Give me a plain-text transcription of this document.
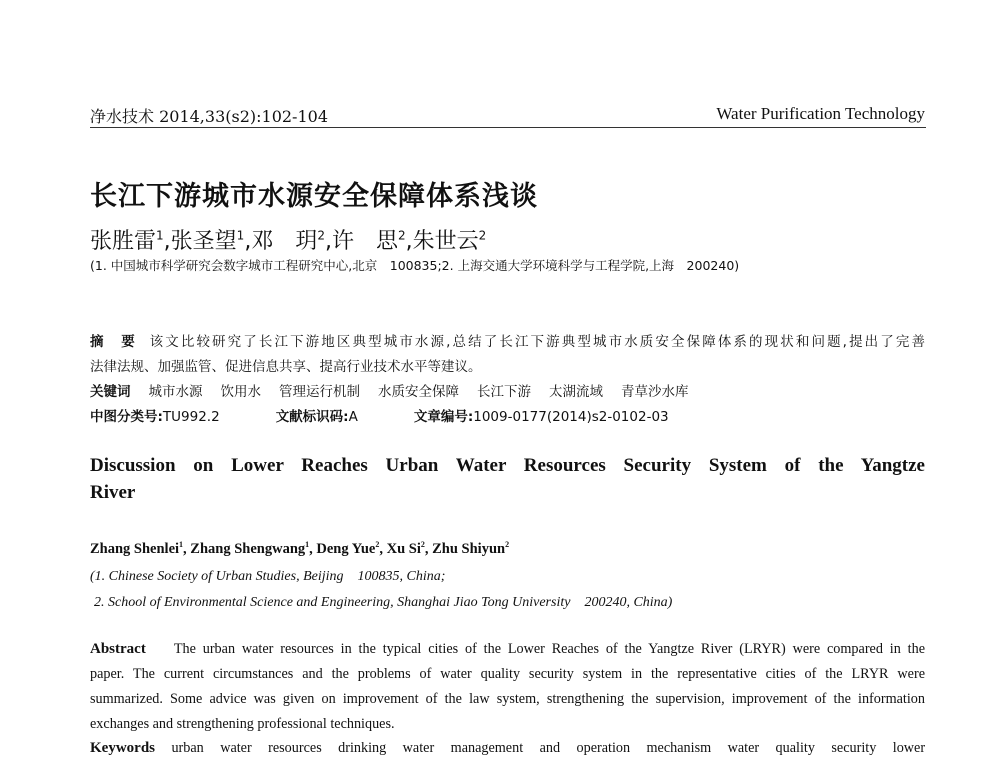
净水技术 2014,33(s2):102-104	Water Purification Technology
长江下游城市水源安全保障体系浅谈
张胜雷$^1$,张圣望$^1$,邓　玥$^2$,许　思$^2$,朱世云$^2$
(1. 中国城市科学研究会数字城市工程研究中心,北京　100835;2. 上海交通大学环境科学与工程学院,上海　200240)
摘　要 该文比较研究了长江下游地区典型城市水源,总结了长江下游典型城市水质安全保障体系的现状和问题,提出了完善
法律法规、加强监管、促进信息共享、提高行业技术水平等建议。
关键词 城市水源 饮用水 管理运行机制 水质安全保障 长江下游 太湖流域 青草沙水库
中图分类号:TU992.2	文献标识码:A	文章编号:1009-0177(2014)s2-0102-03
Discussion on Lower Reaches Urban Water Resources Security System of the Yangtze
River
Zhang Shenlei$^1$, Zhang Shengwang$^1$, Deng Yue$^2$, Xu Si$^2$, Zhu Shiyun$^2$
(1. Chinese Society of Urban Studies, Beijing　100835, China;
2. School of Environmental Science and Engineering, Shanghai Jiao Tong University　200240, China)
Abstract The urban water resources in the typical cities of the Lower Reaches of the Yangtze River (LRYR) were compared in the
paper. The current circumstances and the problems of water quality security system in the representative cities of the LRYR were
summarized. Some advice was given on improvement of the law system, strengthening the supervision, improvement of the information
exchanges and strengthening professional techniques.
Keywords urban water resources drinking water management and operation mechanism water quality security lower
